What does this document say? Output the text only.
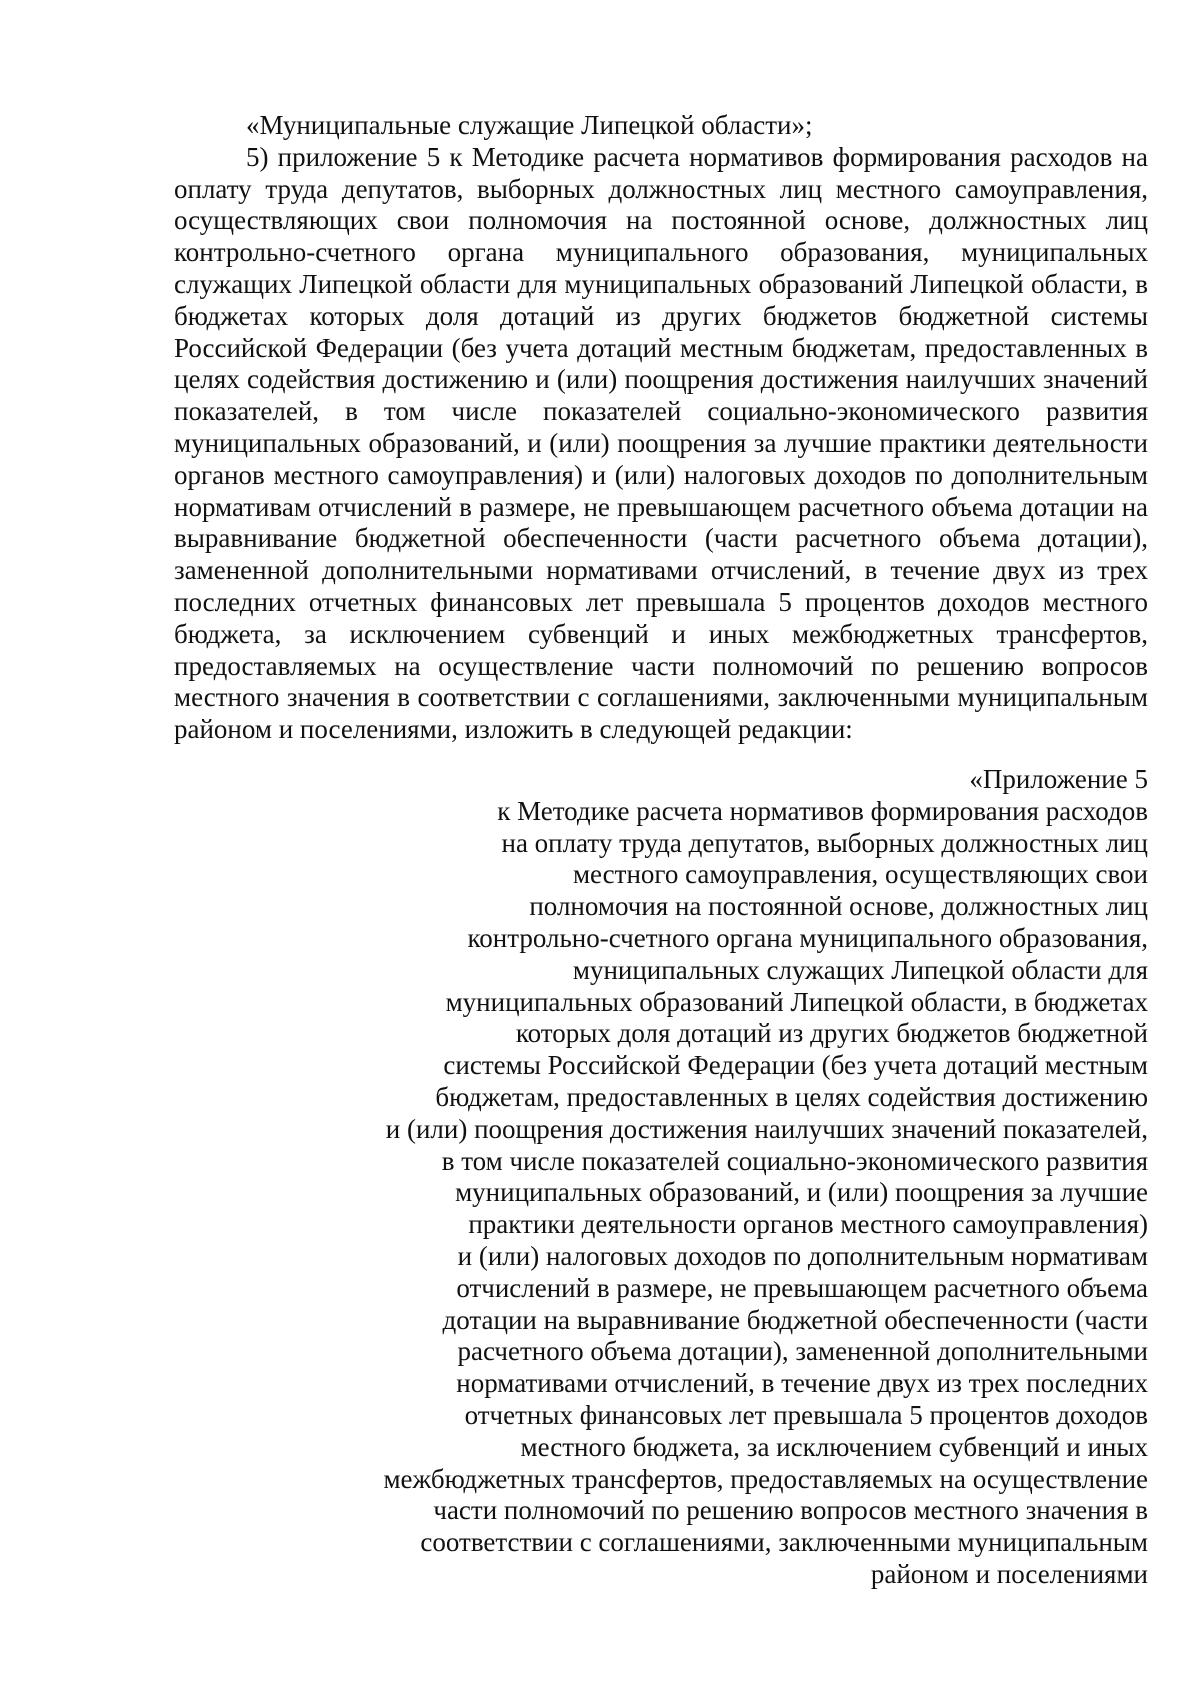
«Муниципальные служащие Липецкой области»;

5) приложение 5 к Методике расчета нормативов формирования расходов на оплату труда депутатов, выборных должностных лиц местного самоуправления, осуществляющих свои полномочия на постоянной основе, должностных лиц контрольно-счетного органа муниципального образования, муниципальных служащих Липецкой области для муниципальных образований Липецкой области, в бюджетах которых доля дотаций из других бюджетов бюджетной системы Российской Федерации (без учета дотаций местным бюджетам, предоставленных в целях содействия достижению и (или) поощрения достижения наилучших значений показателей, в том числе показателей социально-экономического развития муниципальных образований, и (или) поощрения за лучшие практики деятельности органов местного самоуправления) и (или) налоговых доходов по дополнительным нормативам отчислений в размере, не превышающем расчетного объема дотации на выравнивание бюджетной обеспеченности (части расчетного объема дотации), замененной дополнительными нормативами отчислений, в течение двух из трех последних отчетных финансовых лет превышала 5 процентов доходов местного бюджета, за исключением субвенций и иных межбюджетных трансфертов, предоставляемых на осуществление части полномочий по решению вопросов местного значения в соответствии с соглашениями, заключенными муниципальным районом и поселениями, изложить в следующей редакции:

«Приложение 5

к Методике расчета нормативов формирования расходов
на оплату труда депутатов, выборных должностных лиц
местного самоуправления, осуществляющих свои
полномочия на постоянной основе, должностных лиц
контрольно-счетного органа муниципального образования,
муниципальных служащих Липецкой области для
муниципальных образований Липецкой области, в бюджетах
которых доля дотаций из других бюджетов бюджетной
системы Российской Федерации (без учета дотаций местным
бюджетам, предоставленных в целях содействия достижению
и (или) поощрения достижения наилучших значений показателей,
в том числе показателей социально-экономического развития
муниципальных образований, и (или) поощрения за лучшие
практики деятельности органов местного самоуправления)
и (или) налоговых доходов по дополнительным нормативам
отчислений в размере, не превышающем расчетного объема
дотации на выравнивание бюджетной обеспеченности (части
расчетного объема дотации), замененной дополнительными
нормативами отчислений, в течение двух из трех последних
отчетных финансовых лет превышала 5 процентов доходов
местного бюджета, за исключением субвенций и иных
межбюджетных трансфертов, предоставляемых на осуществление
части полномочий по решению вопросов местного значения в
соответствии с соглашениями, заключенными муниципальным
районом и поселениями
